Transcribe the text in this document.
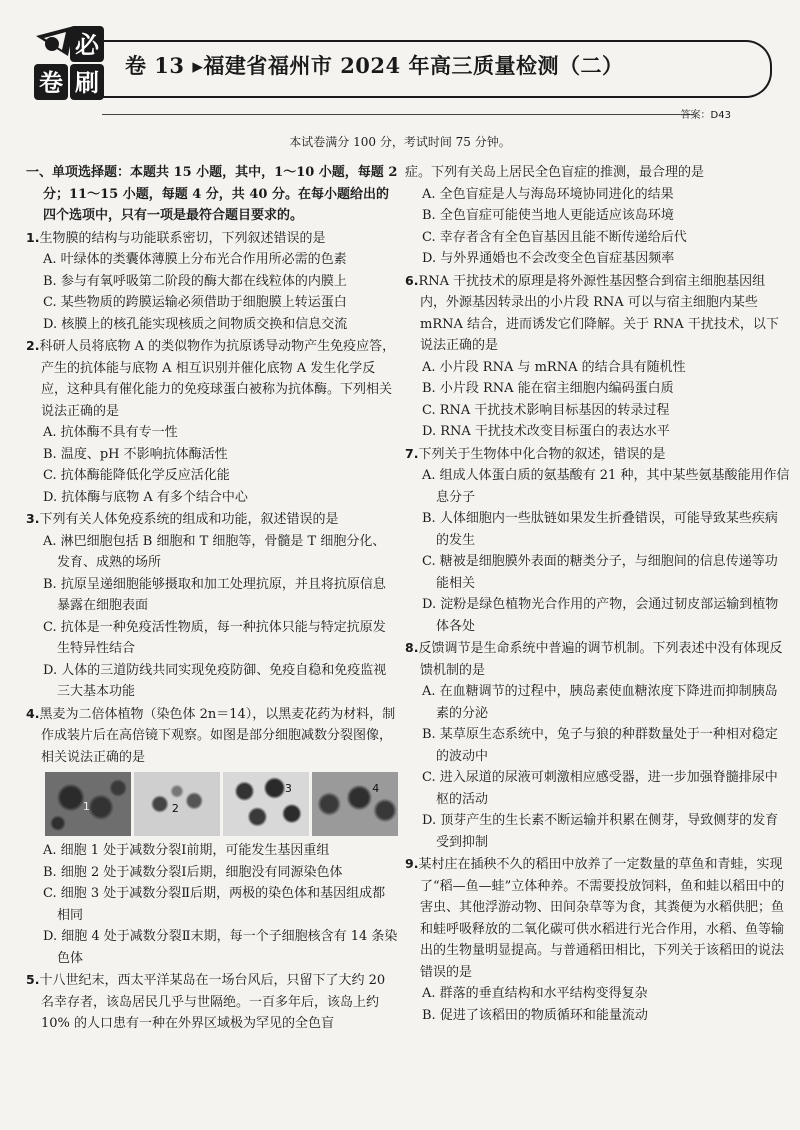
必
卷 刷
卷 13 ▸福建省福州市 2024 年高三质量检测（二）
答案：D43
本试卷满分 100 分，考试时间 75 分钟。
一、单项选择题：本题共 15 小题，其中，1～10 小题，每题 2 分；11～15 小题，每题 4 分，共 40 分。在每小题给出的四个选项中，只有一项是最符合题目要求的。
1.生物膜的结构与功能联系密切，下列叙述错误的是
A. 叶绿体的类囊体薄膜上分布光合作用所必需的色素
B. 参与有氧呼吸第二阶段的酶大都在线粒体的内膜上
C. 某些物质的跨膜运输必须借助于细胞膜上转运蛋白
D. 核膜上的核孔能实现核质之间物质交换和信息交流
2.科研人员将底物 A 的类似物作为抗原诱导动物产生免疫应答，产生的抗体能与底物 A 相互识别并催化底物 A 发生化学反应，这种具有催化能力的免疫球蛋白被称为抗体酶。下列相关说法正确的是
A. 抗体酶不具有专一性
B. 温度、pH 不影响抗体酶活性
C. 抗体酶能降低化学反应活化能
D. 抗体酶与底物 A 有多个结合中心
3.下列有关人体免疫系统的组成和功能，叙述错误的是
A. 淋巴细胞包括 B 细胞和 T 细胞等，骨髓是 T 细胞分化、发育、成熟的场所
B. 抗原呈递细胞能够摄取和加工处理抗原，并且将抗原信息暴露在细胞表面
C. 抗体是一种免疫活性物质，每一种抗体只能与特定抗原发生特异性结合
D. 人体的三道防线共同实现免疫防御、免疫自稳和免疫监视三大基本功能
4.黑麦为二倍体植物（染色体 2n＝14），以黑麦花药为材料，制作成装片后在高倍镜下观察。如图是部分细胞减数分裂图像，相关说法正确的是
1	2
3	4
A. 细胞 1 处于减数分裂Ⅰ前期，可能发生基因重组
B. 细胞 2 处于减数分裂Ⅰ后期，细胞没有同源染色体
C. 细胞 3 处于减数分裂Ⅱ后期，两极的染色体和基因组成都相同
D. 细胞 4 处于减数分裂Ⅱ末期，每一个子细胞核含有 14 条染色体
5.十八世纪末，西太平洋某岛在一场台风后，只留下了大约 20 名幸存者，该岛居民几乎与世隔绝。一百多年后，该岛上约 10% 的人口患有一种在外界区域极为罕见的全色盲
症。下列有关岛上居民全色盲症的推测，最合理的是
A. 全色盲症是人与海岛环境协同进化的结果
B. 全色盲症可能使当地人更能适应该岛环境
C. 幸存者含有全色盲基因且能不断传递给后代
D. 与外界通婚也不会改变全色盲症基因频率
6.RNA 干扰技术的原理是将外源性基因整合到宿主细胞基因组内，外源基因转录出的小片段 RNA 可以与宿主细胞内某些 mRNA 结合，进而诱发它们降解。关于 RNA 干扰技术，以下说法正确的是
A. 小片段 RNA 与 mRNA 的结合具有随机性
B. 小片段 RNA 能在宿主细胞内编码蛋白质
C. RNA 干扰技术影响目标基因的转录过程
D. RNA 干扰技术改变目标蛋白的表达水平
7.下列关于生物体中化合物的叙述，错误的是
A. 组成人体蛋白质的氨基酸有 21 种，其中某些氨基酸能用作信息分子
B. 人体细胞内一些肽链如果发生折叠错误，可能导致某些疾病的发生
C. 糖被是细胞膜外表面的糖类分子，与细胞间的信息传递等功能相关
D. 淀粉是绿色植物光合作用的产物，会通过韧皮部运输到植物体各处
8.反馈调节是生命系统中普遍的调节机制。下列表述中没有体现反馈机制的是
A. 在血糖调节的过程中，胰岛素使血糖浓度下降进而抑制胰岛素的分泌
B. 某草原生态系统中，兔子与狼的种群数量处于一种相对稳定的波动中
C. 进入尿道的尿液可刺激相应感受器，进一步加强脊髓排尿中枢的活动
D. 顶芽产生的生长素不断运输并积累在侧芽，导致侧芽的发育受到抑制
9.某村庄在插秧不久的稻田中放养了一定数量的草鱼和青蛙，实现了“稻—鱼—蛙”立体种养。不需要投放饲料，鱼和蛙以稻田中的害虫、其他浮游动物、田间杂草等为食，其粪便为水稻供肥；鱼和蛙呼吸释放的二氧化碳可供水稻进行光合作用，水稻、鱼等输出的生物量明显提高。与普通稻田相比，下列关于该稻田的说法错误的是
A. 群落的垂直结构和水平结构变得复杂
B. 促进了该稻田的物质循环和能量流动
